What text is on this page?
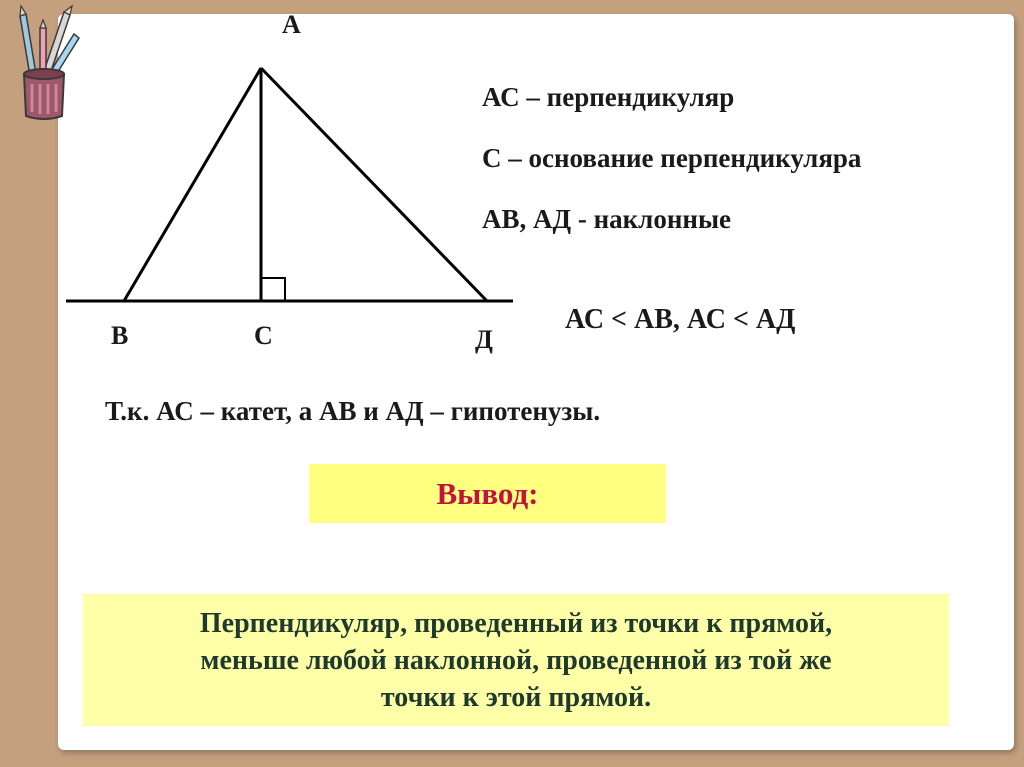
А
В	С	Д
АС – перпендикуляр
С – основание перпендикуляра
АВ, АД - наклонные
АС < АВ, АС < АД
Т.к. АС – катет, а АВ и АД – гипотенузы.
Вывод:
Перпендикуляр, проведенный из точки к прямой,
меньше любой наклонной, проведенной из той же
точки к этой прямой.
